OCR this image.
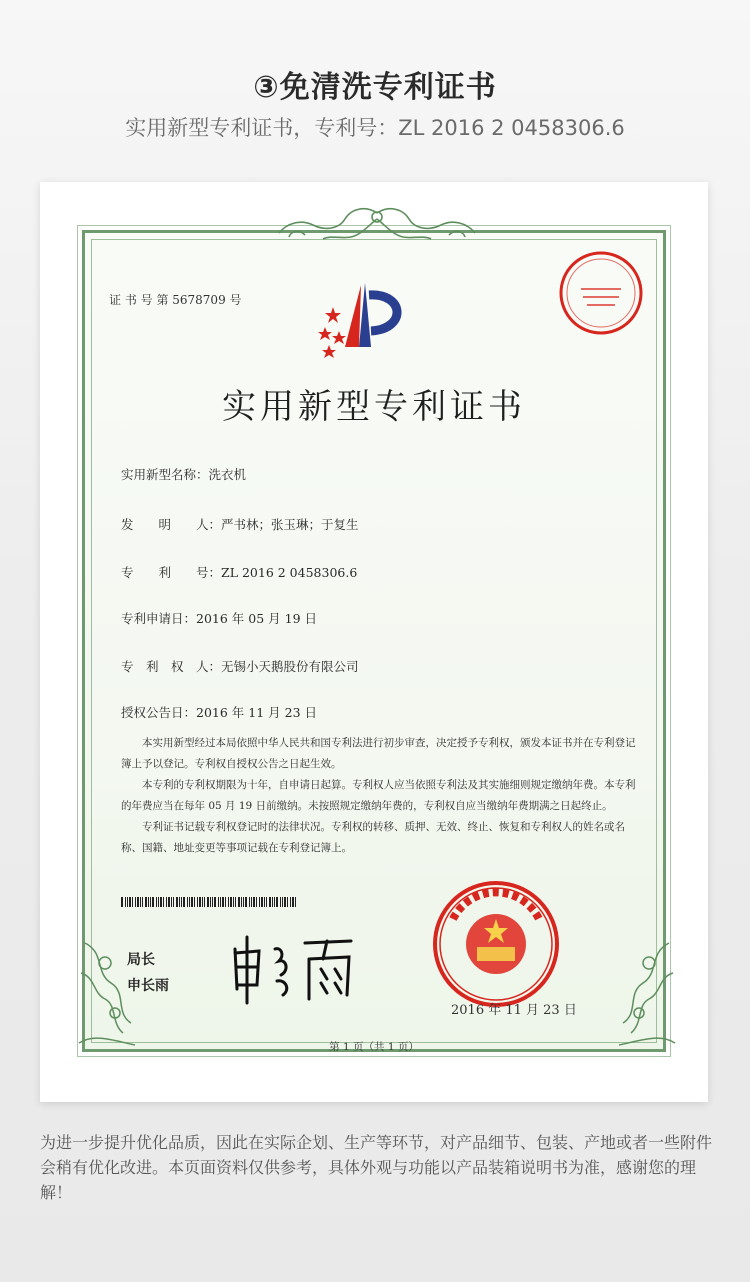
③免清洗专利证书
实用新型专利证书，专利号：ZL 2016 2 0458306.6
证 书 号 第 5678709 号
实用新型专利证书
实用新型名称：洗衣机
发　　明　　人：严书林；张玉琳；于复生
专　　利　　号：ZL 2016 2 0458306.6
专利申请日：2016 年 05 月 19 日
专　利　权　人：无锡小天鹅股份有限公司
授权公告日：2016 年 11 月 23 日

本实用新型经过本局依照中华人民共和国专利法进行初步审查，决定授予专利权，颁发本证书并在专利登记簿上予以登记。专利权自授权公告之日起生效。

本专利的专利权期限为十年，自申请日起算。专利权人应当依照专利法及其实施细则规定缴纳年费。本专利的年费应当在每年 05 月 19 日前缴纳。未按照规定缴纳年费的，专利权自应当缴纳年费期满之日起终止。

专利证书记载专利权登记时的法律状况。专利权的转移、质押、无效、终止、恢复和专利权人的姓名或名称、国籍、地址变更等事项记载在专利登记簿上。

局长
申长雨
2016 年 11 月 23 日
第 1 页（共 1 页）
为进一步提升优化品质，因此在实际企划、生产等环节，对产品细节、包装、产地或者一些附件会稍有优化改进。本页面资料仅供参考，具体外观与功能以产品装箱说明书为准，感谢您的理解！
